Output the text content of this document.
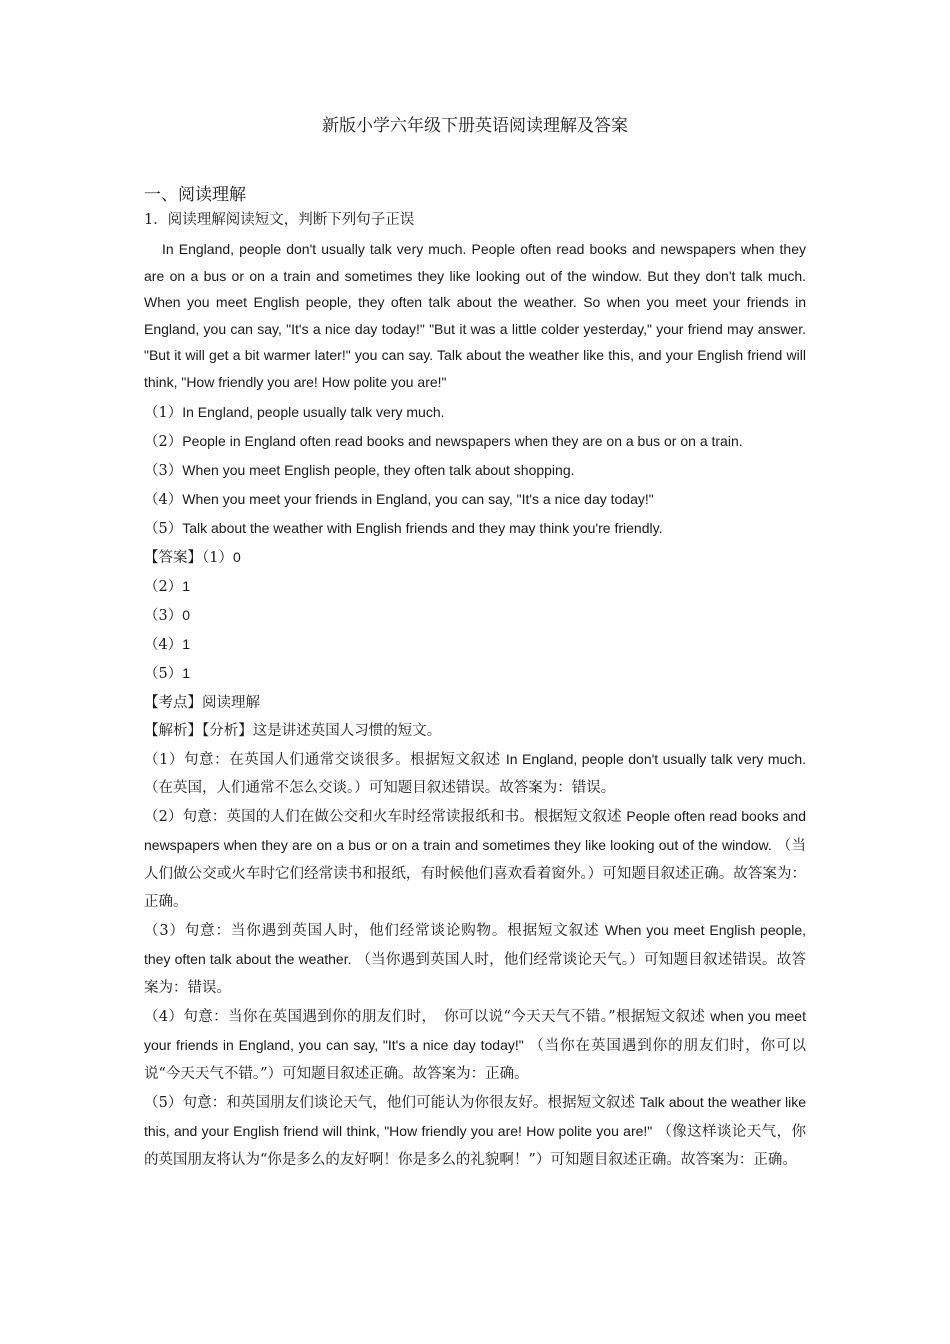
新版小学六年级下册英语阅读理解及答案
一、阅读理解
1．阅读理解阅读短文，判断下列句子正误
In England, people don't usually talk very much. People often read books and newspapers when they are on a bus or on a train and sometimes they like looking out of the window. But they don't talk much. When you meet English people, they often talk about the weather. So when you meet your friends in England, you can say, "It's a nice day today!" "But it was a little colder yesterday," your friend may answer. "But it will get a bit warmer later!" you can say. Talk about the weather like this, and your English friend will think, "How friendly you are! How polite you are!"
（1）In England, people usually talk very much.
（2）People in England often read books and newspapers when they are on a bus or on a train.
（3）When you meet English people, they often talk about shopping.
（4）When you meet your friends in England, you can say, "It's a nice day today!"
（5）Talk about the weather with English friends and they may think you're friendly.
【答案】（1）0
（2）1
（3）0
（4）1
（5）1
【考点】阅读理解
【解析】【分析】这是讲述英国人习惯的短文。
（1）句意：在英国人们通常交谈很多。根据短文叙述 In England, people don't usually talk very much. （在英国，人们通常不怎么交谈。）可知题目叙述错误。故答案为：错误。
（2）句意：英国的人们在做公交和火车时经常读报纸和书。根据短文叙述 People often read books and newspapers when they are on a bus or on a train and sometimes they like looking out of the window. （当人们做公交或火车时它们经常读书和报纸，有时候他们喜欢看着窗外。）可知题目叙述正确。故答案为：正确。
（3）句意：当你遇到英国人时，他们经常谈论购物。根据短文叙述 When you meet English people, they often talk about the weather. （当你遇到英国人时，他们经常谈论天气。）可知题目叙述错误。故答案为：错误。
（4）句意：当你在英国遇到你的朋友们时，　你可以说“今天天气不错。”根据短文叙述 when you meet your friends in England, you can say, "It's a nice day today!" （当你在英国遇到你的朋友们时，你可以说“今天天气不错。”）可知题目叙述正确。故答案为：正确。
（5）句意：和英国朋友们谈论天气，他们可能认为你很友好。根据短文叙述 Talk about the weather like this, and your English friend will think, "How friendly you are! How polite you are!" （像这样谈论天气，你的英国朋友将认为“你是多么的友好啊！你是多么的礼貌啊！”）可知题目叙述正确。故答案为：正确。
